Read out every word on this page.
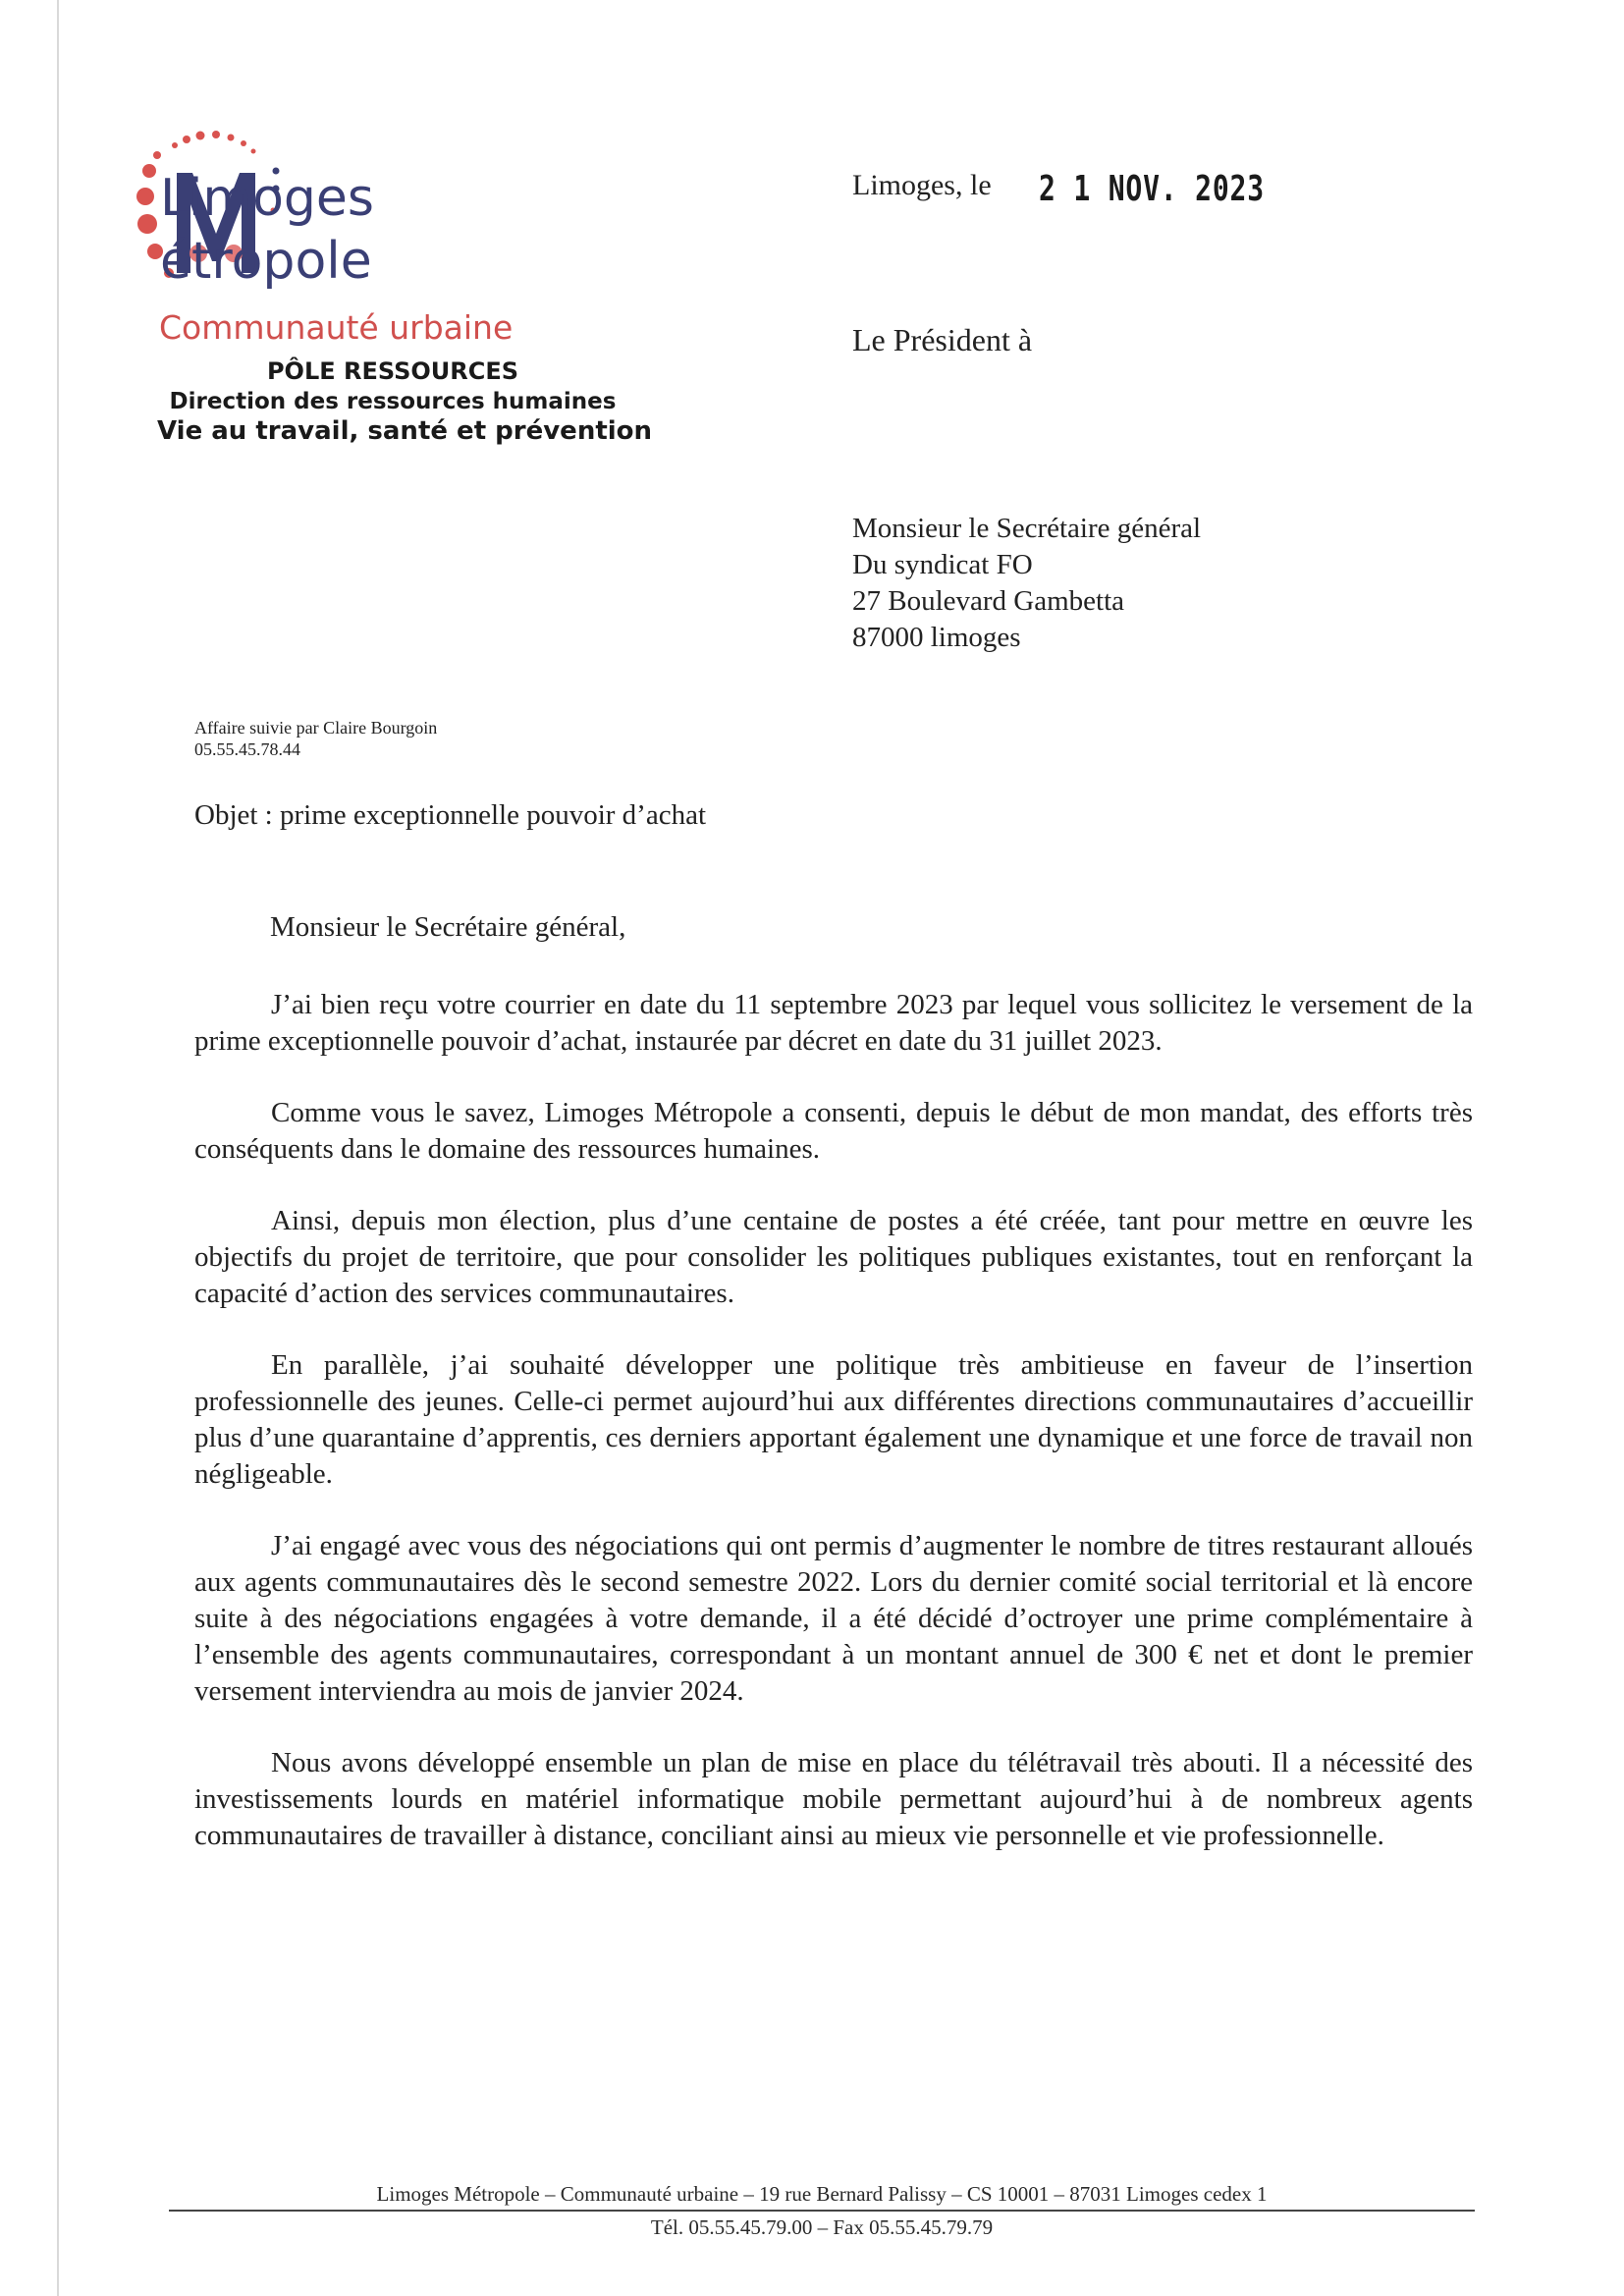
Limoges
étropole
Communauté urbaine
PÔLE RESSOURCES
Direction des ressources humaines
Vie au travail, santé et prévention
Limoges, le 2 1 NOV. 2023
Le Président à
Monsieur le Secrétaire général
Du syndicat FO
27 Boulevard Gambetta
87000 limoges
Affaire suivie par Claire Bourgoin
05.55.45.78.44
Objet : prime exceptionnelle pouvoir d’achat
Monsieur le Secrétaire général,

J’ai bien reçu votre courrier en date du 11 septembre 2023 par lequel vous sollicitez le versement de la prime exceptionnelle pouvoir d’achat, instaurée par décret en date du 31 juillet 2023.

Comme vous le savez, Limoges Métropole a consenti, depuis le début de mon mandat, des efforts très conséquents dans le domaine des ressources humaines.

Ainsi, depuis mon élection, plus d’une centaine de postes a été créée, tant pour mettre en œuvre les objectifs du projet de territoire, que pour consolider les politiques publiques existantes, tout en renforçant la capacité d’action des services communautaires.

En parallèle, j’ai souhaité développer une politique très ambitieuse en faveur de l’insertion professionnelle des jeunes. Celle-ci permet aujourd’hui aux différentes directions communautaires d’accueillir plus d’une quarantaine d’apprentis, ces derniers apportant également une dynamique et une force de travail non négligeable.

J’ai engagé avec vous des négociations qui ont permis d’augmenter le nombre de titres restaurant alloués aux agents communautaires dès le second semestre 2022. Lors du dernier comité social territorial et là encore suite à des négociations engagées à votre demande, il a été décidé d’octroyer une prime complémentaire à l’ensemble des agents communautaires, correspondant à un montant annuel de 300 € net et dont le premier versement interviendra au mois de janvier 2024.

Nous avons développé ensemble un plan de mise en place du télétravail très abouti. Il a nécessité des investissements lourds en matériel informatique mobile permettant aujourd’hui à de nombreux agents communautaires de travailler à distance, conciliant ainsi au mieux vie personnelle et vie professionnelle.

Limoges Métropole – Communauté urbaine – 19 rue Bernard Palissy – CS 10001 – 87031 Limoges cedex 1
Tél. 05.55.45.79.00 – Fax 05.55.45.79.79
